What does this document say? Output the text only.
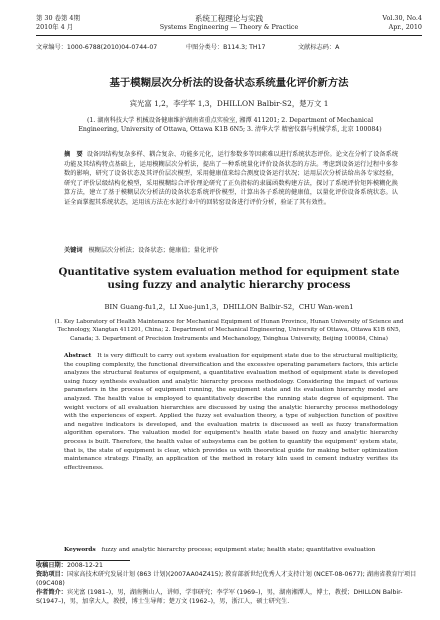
第 30 卷第 4期	系统工程理论与实践	Vol.30, No.4
2010年 4 月	Systems Engineering — Theory & Practice	Apr., 2010
文章编号：1000-6788(2010)04-0744-07	中图分类号：B114.3; TH17	文献标志码：A
基于模糊层次分析法的设备状态系统量化评价新方法
宾光富 1,2，李学军 1,3，DHILLON Balbir·S2，楚万文 1
(1. 湖南科技大学 机械设备健康维护湖南省重点实验室, 湘潭 411201; 2. Department of Mechanical Engineering, University of Ottawa, Ottawa K1B 6N5; 3. 清华大学 精密仪器与机械学系, 北京 100084)
摘　要 设备因结构复杂多样、耦合复杂、功能多元化，运行参数多等因素难以进行系统状态评价。论文在分析了设备系统功能及其结构特点基础上，运用模糊层次分析法，提出了一种系统量化评价设备状态的方法。考虑到设备运行过程中多参数的影响，研究了设备状态及其评价层次模型，采用健康值来综合测度设备运行状况；运用层次分析法给出各专家经验，研究了评价层级结构化模型，采用模糊综合评价理论研究了正负指标的隶属函数构建方法，探讨了系统评价矩阵模糊化换算方法，建立了基于模糊层次分析法的设备状态系统评价模型，计算出各子系统的健康值，以量化评价设备系统状态。认证全面掌握其系统状态，运用该方法在水泥行业中的回转窑设备进行评价分析，验证了其有效性。
关键词 模糊层次分析法；设备状态；健康值；量化评价
Quantitative system evaluation method for equipment state using fuzzy and analytic hierarchy process
BIN Guang-fu1,2，LI Xue-jun1,3，DHILLON Balbir-S2，CHU Wan-wen1
(1. Key Laboratory of Health Maintenance for Mechanical Equipment of Hunan Province, Hunan University of Science and Technology, Xiangtan 411201, China; 2. Department of Mechanical Engineering, University of Ottawa, Ottawa K1B 6N5, Canada; 3. Department of Precision Instruments and Mechanology, Tsinghua University, Beijing 100084, China)
Abstract It is very difficult to carry out system evaluation for equipment state due to the structural multiplicity, the coupling complexity, the functional diversification and the excessive operating parameters factors, this article analyzes the structural features of equipment, a quantitative evaluation method of equipment state is developed using fuzzy synthesis evaluation and analytic hierarchy process methodology. Considering the impact of various parameters in the process of equipment running, the equipment state and its evaluation hierarchy model are analyzed. The health value is employed to quantitatively describe the running state degree of equipment. The weight vectors of all evaluation hierarchies are discussed by using the analytic hierarchy process methodology with the experiences of expert. Applied the fuzzy set evaluation theory, a type of subjection function of positive and negative indicators is developed, and the evaluation matrix is discussed as well as fuzzy transformation algorithm operators. The valuation model for equipment's health state based on fuzzy and analytic hierarchy process is built. Therefore, the health value of subsystems can be gotten to quantify the equipment' system state, that is, the state of equipment is clear, which provides us with theoretical guide for making better optimization maintenance strategy. Finally, an application of the method in rotary kiln used in cement industry verifies its effectiveness.
Keywords fuzzy and analytic hierarchy process; equipment state; health state; quantitative evaluation
收稿日期：2008-12-21
资助项目：国家高技术研究发展计划 (863 计划)(2007AA04Z415); 教育部新世纪优秀人才支持计划 (NCET-08-0677); 湖南省教育厅项目 (09C408)
作者简介：宾光富 (1981–)，男，湖南衡山人，讲师，学事研究；李学军 (1969–)，男，湖南湘潭人，博士，教授；DHILLON Balbir-S(1947–)，男，加拿大人，教授，博士生导师；楚万文 (1962–)，男，浙江人，硕士研究生.
